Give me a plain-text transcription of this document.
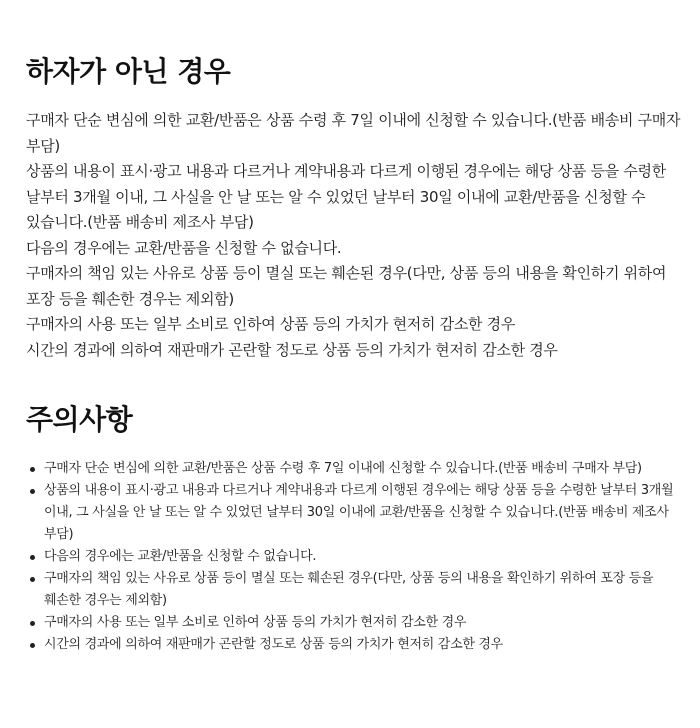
하자가 아닌 경우

구매자 단순 변심에 의한 교환/반품은 상품 수령 후 7일 이내에 신청할 수 있습니다.(반품 배송비 구매자 부담)

상품의 내용이 표시·광고 내용과 다르거나 계약내용과 다르게 이행된 경우에는 해당 상품 등을 수령한 날부터 3개월 이내, 그 사실을 안 날 또는 알 수 있었던 날부터 30일 이내에 교환/반품을 신청할 수 있습니다.(반품 배송비 제조사 부담)

다음의 경우에는 교환/반품을 신청할 수 없습니다.

구매자의 책임 있는 사유로 상품 등이 멸실 또는 훼손된 경우(다만, 상품 등의 내용을 확인하기 위하여 포장 등을 훼손한 경우는 제외함)

구매자의 사용 또는 일부 소비로 인하여 상품 등의 가치가 현저히 감소한 경우

시간의 경과에 의하여 재판매가 곤란할 정도로 상품 등의 가치가 현저히 감소한 경우

주의사항
구매자 단순 변심에 의한 교환/반품은 상품 수령 후 7일 이내에 신청할 수 있습니다.(반품 배송비 구매자 부담)
상품의 내용이 표시·광고 내용과 다르거나 계약내용과 다르게 이행된 경우에는 해당 상품 등을 수령한 날부터 3개월 이내, 그 사실을 안 날 또는 알 수 있었던 날부터 30일 이내에 교환/반품을 신청할 수 있습니다.(반품 배송비 제조사 부담)
다음의 경우에는 교환/반품을 신청할 수 없습니다.
구매자의 책임 있는 사유로 상품 등이 멸실 또는 훼손된 경우(다만, 상품 등의 내용을 확인하기 위하여 포장 등을 훼손한 경우는 제외함)
구매자의 사용 또는 일부 소비로 인하여 상품 등의 가치가 현저히 감소한 경우
시간의 경과에 의하여 재판매가 곤란할 정도로 상품 등의 가치가 현저히 감소한 경우
